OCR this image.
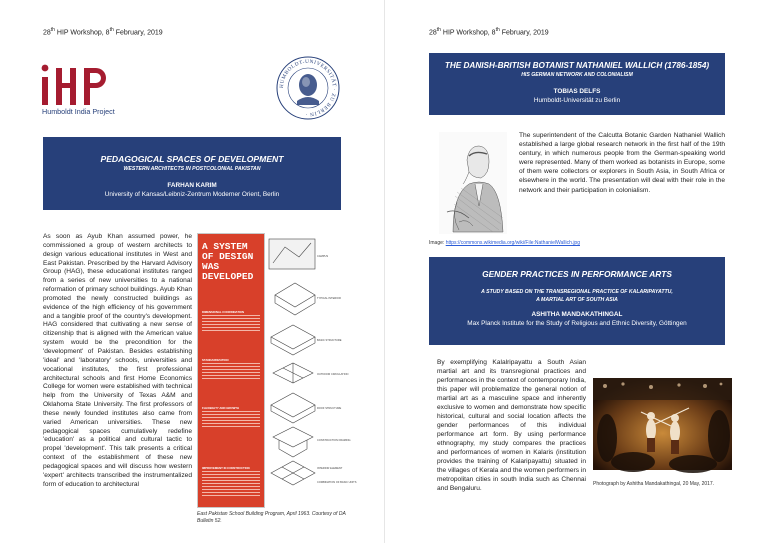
28th HIP Workshop, 8th February, 2019
Humboldt India Project
HUMBOLDT-UNIVERSITÄT · ZU BERLIN ·
PEDAGOGICAL SPACES OF DEVELOPMENT
WESTERN ARCHITECTS IN POSTCOLONIAL PAKISTAN
FARHAN KARIM
University of Kansas/Leibniz-Zentrum Moderner Orient, Berlin
As soon as Ayub Khan assumed power, he commissioned a group of western architects to design various educational institutes in West and East Pakistan. Prescribed by the Harvard Advisory Group (HAG), these educational institutes ranged from a series of new universities to a national reformation of primary school buildings. Ayub Khan promoted the newly constructed buildings as evidence of the high efficiency of his government and a tangible proof of the country's development. HAG considered that cultivating a new sense of citizenship that is aligned with the American value system would be the precondition for the 'development' of Pakistan. Besides establishing 'ideal' and 'laboratory' schools, universities and vocational institutes, the first professional architectural schools and first Home Economics College for women were established with technical help from the University of Texas A&M and Oklahoma State University. The first professors of these newly founded institutes also came from varied American universities. These new pedagogical spaces cumulatively redefine 'education' as a political and cultural tactic to propel 'development'. This talk presents a critical context of the establishment of these new pedagogical spaces and will discuss how western 'expert' architects transcribed the instrumentalized form of education to architectural
A SYSTEM OF DESIGN WAS DEVELOPED
DIMENSIONAL COORDINATION
STANDARDIZATION
FLEXIBILITY AND GROWTH
IMPROVEMENT IN CONSTRUCTION
CAMPUS
TYPICAL INTERIOR
BASIC STRUCTURE
OUTDOOR CIRCULATION
ROOF STRUCTURE
CONSTRUCTION FRAMING
INTERIOR ELEMENT
COMBINATION OF BASIC UNITS
East Pakistan School Building Program, April 1963. Courtesy of DA Bulletin 52.
28th HIP Workshop, 8th February, 2019
THE DANISH-BRITISH BOTANIST NATHANIEL WALLICH (1786-1854)
HIS GERMAN NETWORK AND COLONIALISM
TOBIAS DELFS
Humboldt-Universität zu Berlin
The superintendent of the Calcutta Botanic Garden Nathaniel Wallich established a large global research network in the first half of the 19th century, in which numerous people from the German-speaking world were represented. Many of them worked as botanists in Europe, some of them were collectors or explorers in South Asia, in South Africa or elsewhere in the world. The presentation will deal with their role in the network and their participation in colonialism.
Image: https://commons.wikimedia.org/wiki/File:NathanielWallich.jpg
GENDER PRACTICES IN PERFORMANCE ARTS
A STUDY BASED ON THE TRANSREGIONAL PRACTICE OF KALARIPAYATTU,
A MARTIAL ART OF SOUTH ASIA
ASHITHA MANDAKATHINGAL
Max Planck Institute for the Study of Religious and Ethnic Diversity, Göttingen
By exemplifying Kalalripayattu a South Asian martial art and its transregional practices and performances in the context of contemporary India, this paper will problematize the general notion of martial art as a masculine space and inherently exclusive to women and demonstrate how specific historical, cultural and social location affects the gender performances of this individual performance art form. By using performance ethnography, my study compares the practices and performances of women in Kalaris (institution provides the training of Kalaripayattu) situated in the villages of Kerala and the women performers in metropolitan cities in south India such as Chennai and Bengaluru.
Photograph by Ashitha Mandakathingal, 20 May, 2017.
